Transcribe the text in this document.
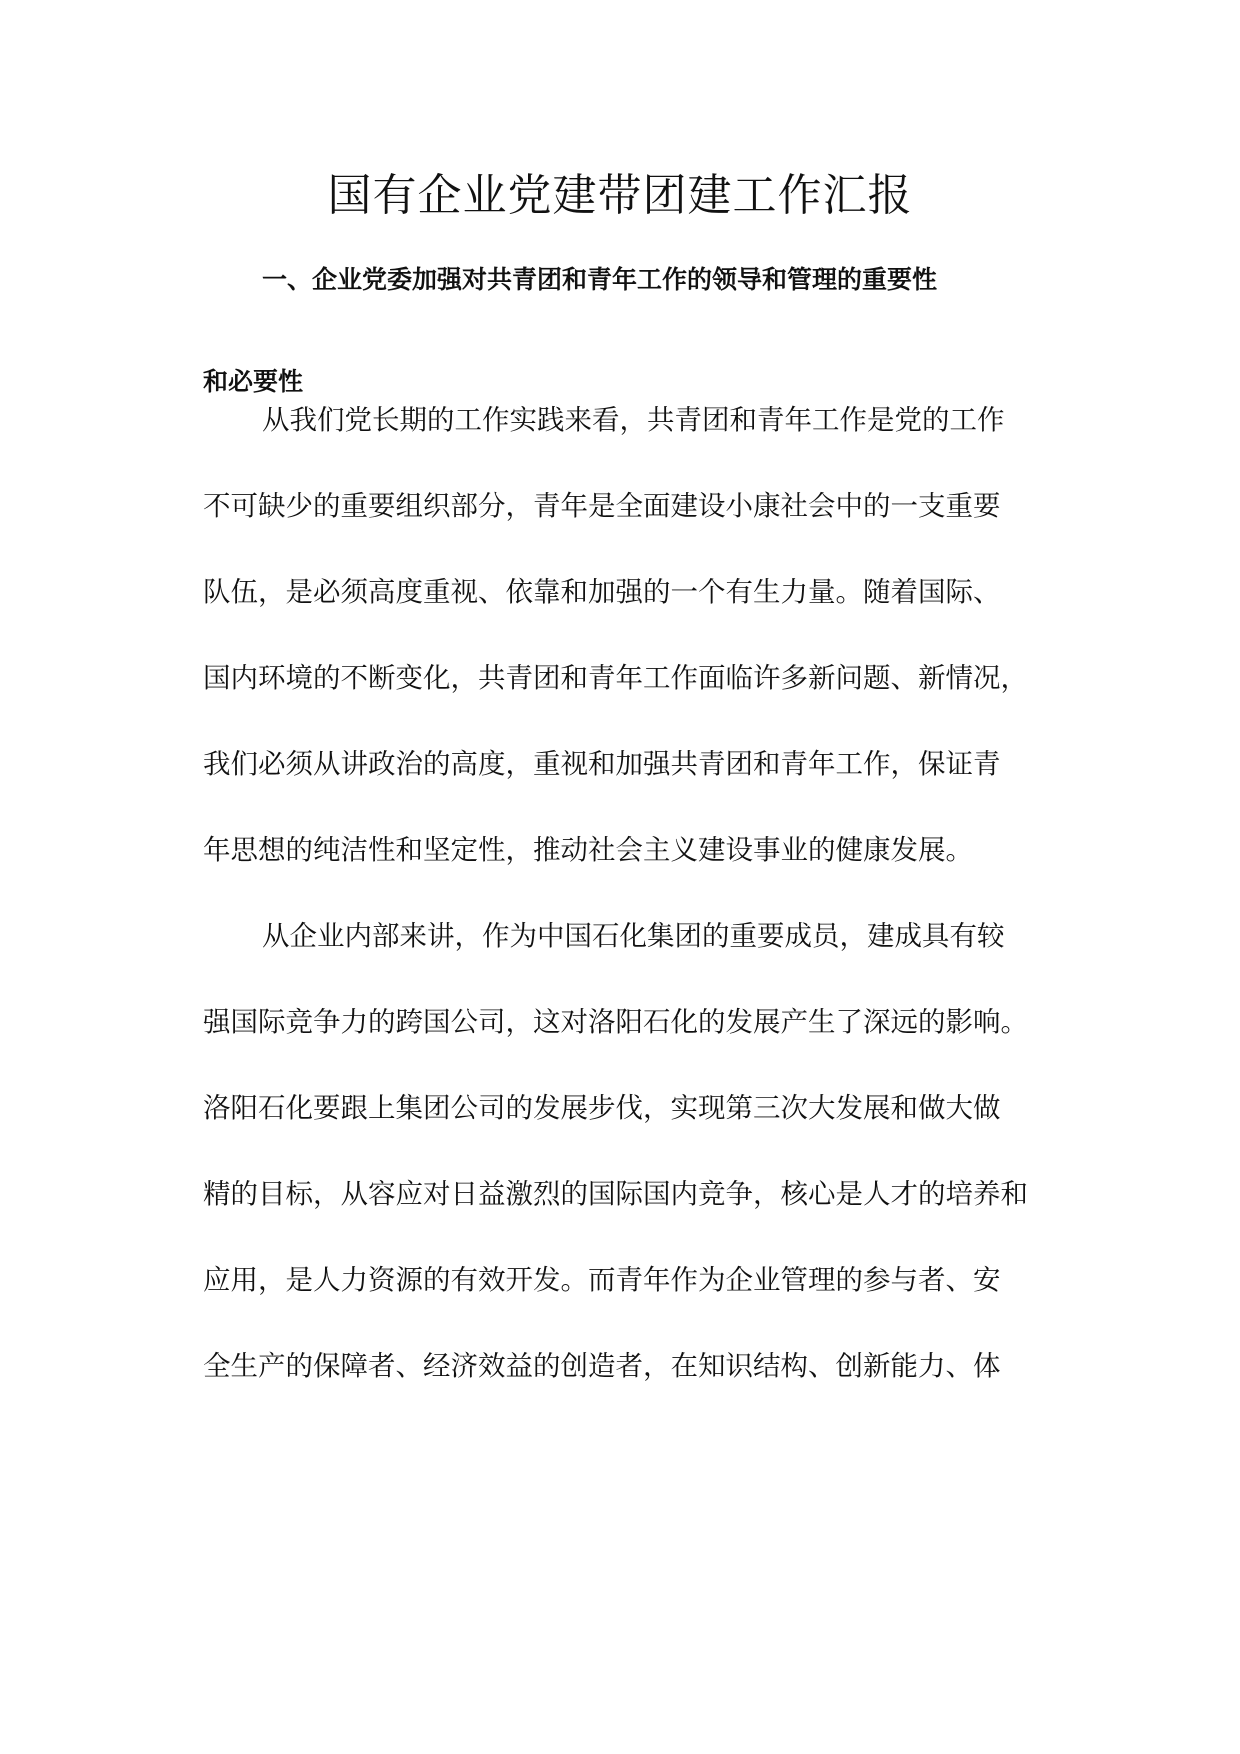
国有企业党建带团建工作汇报
一、企业党委加强对共青团和青年工作的领导和管理的重要性
和必要性
从我们党长期的工作实践来看，共青团和青年工作是党的工作
不可缺少的重要组织部分，青年是全面建设小康社会中的一支重要
队伍，是必须高度重视、依靠和加强的一个有生力量。随着国际、
国内环境的不断变化，共青团和青年工作面临许多新问题、新情况，
我们必须从讲政治的高度，重视和加强共青团和青年工作，保证青
年思想的纯洁性和坚定性，推动社会主义建设事业的健康发展。
从企业内部来讲，作为中国石化集团的重要成员，建成具有较
强国际竞争力的跨国公司，这对洛阳石化的发展产生了深远的影响。
洛阳石化要跟上集团公司的发展步伐，实现第三次大发展和做大做
精的目标，从容应对日益激烈的国际国内竞争，核心是人才的培养和
应用，是人力资源的有效开发。而青年作为企业管理的参与者、安
全生产的保障者、经济效益的创造者，在知识结构、创新能力、体
